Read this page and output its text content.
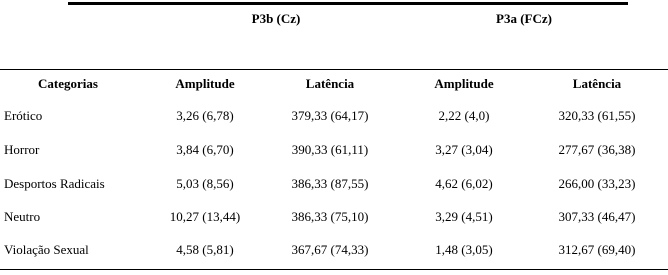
P3b (Cz)	P3a (FCz)
Categorias	Amplitude	Latência	Amplitude	Latência
Erótico	3,26 (6,78)	379,33 (64,17)	2,22 (4,0)	320,33 (61,55)
Horror	3,84 (6,70)	390,33 (61,11)	3,27 (3,04)	277,67 (36,38)
Desportos Radicais	5,03 (8,56)	386,33 (87,55)	4,62 (6,02)	266,00 (33,23)
Neutro	10,27 (13,44)	386,33 (75,10)	3,29 (4,51)	307,33 (46,47)
Violação Sexual	4,58 (5,81)	367,67 (74,33)	1,48 (3,05)	312,67 (69,40)
